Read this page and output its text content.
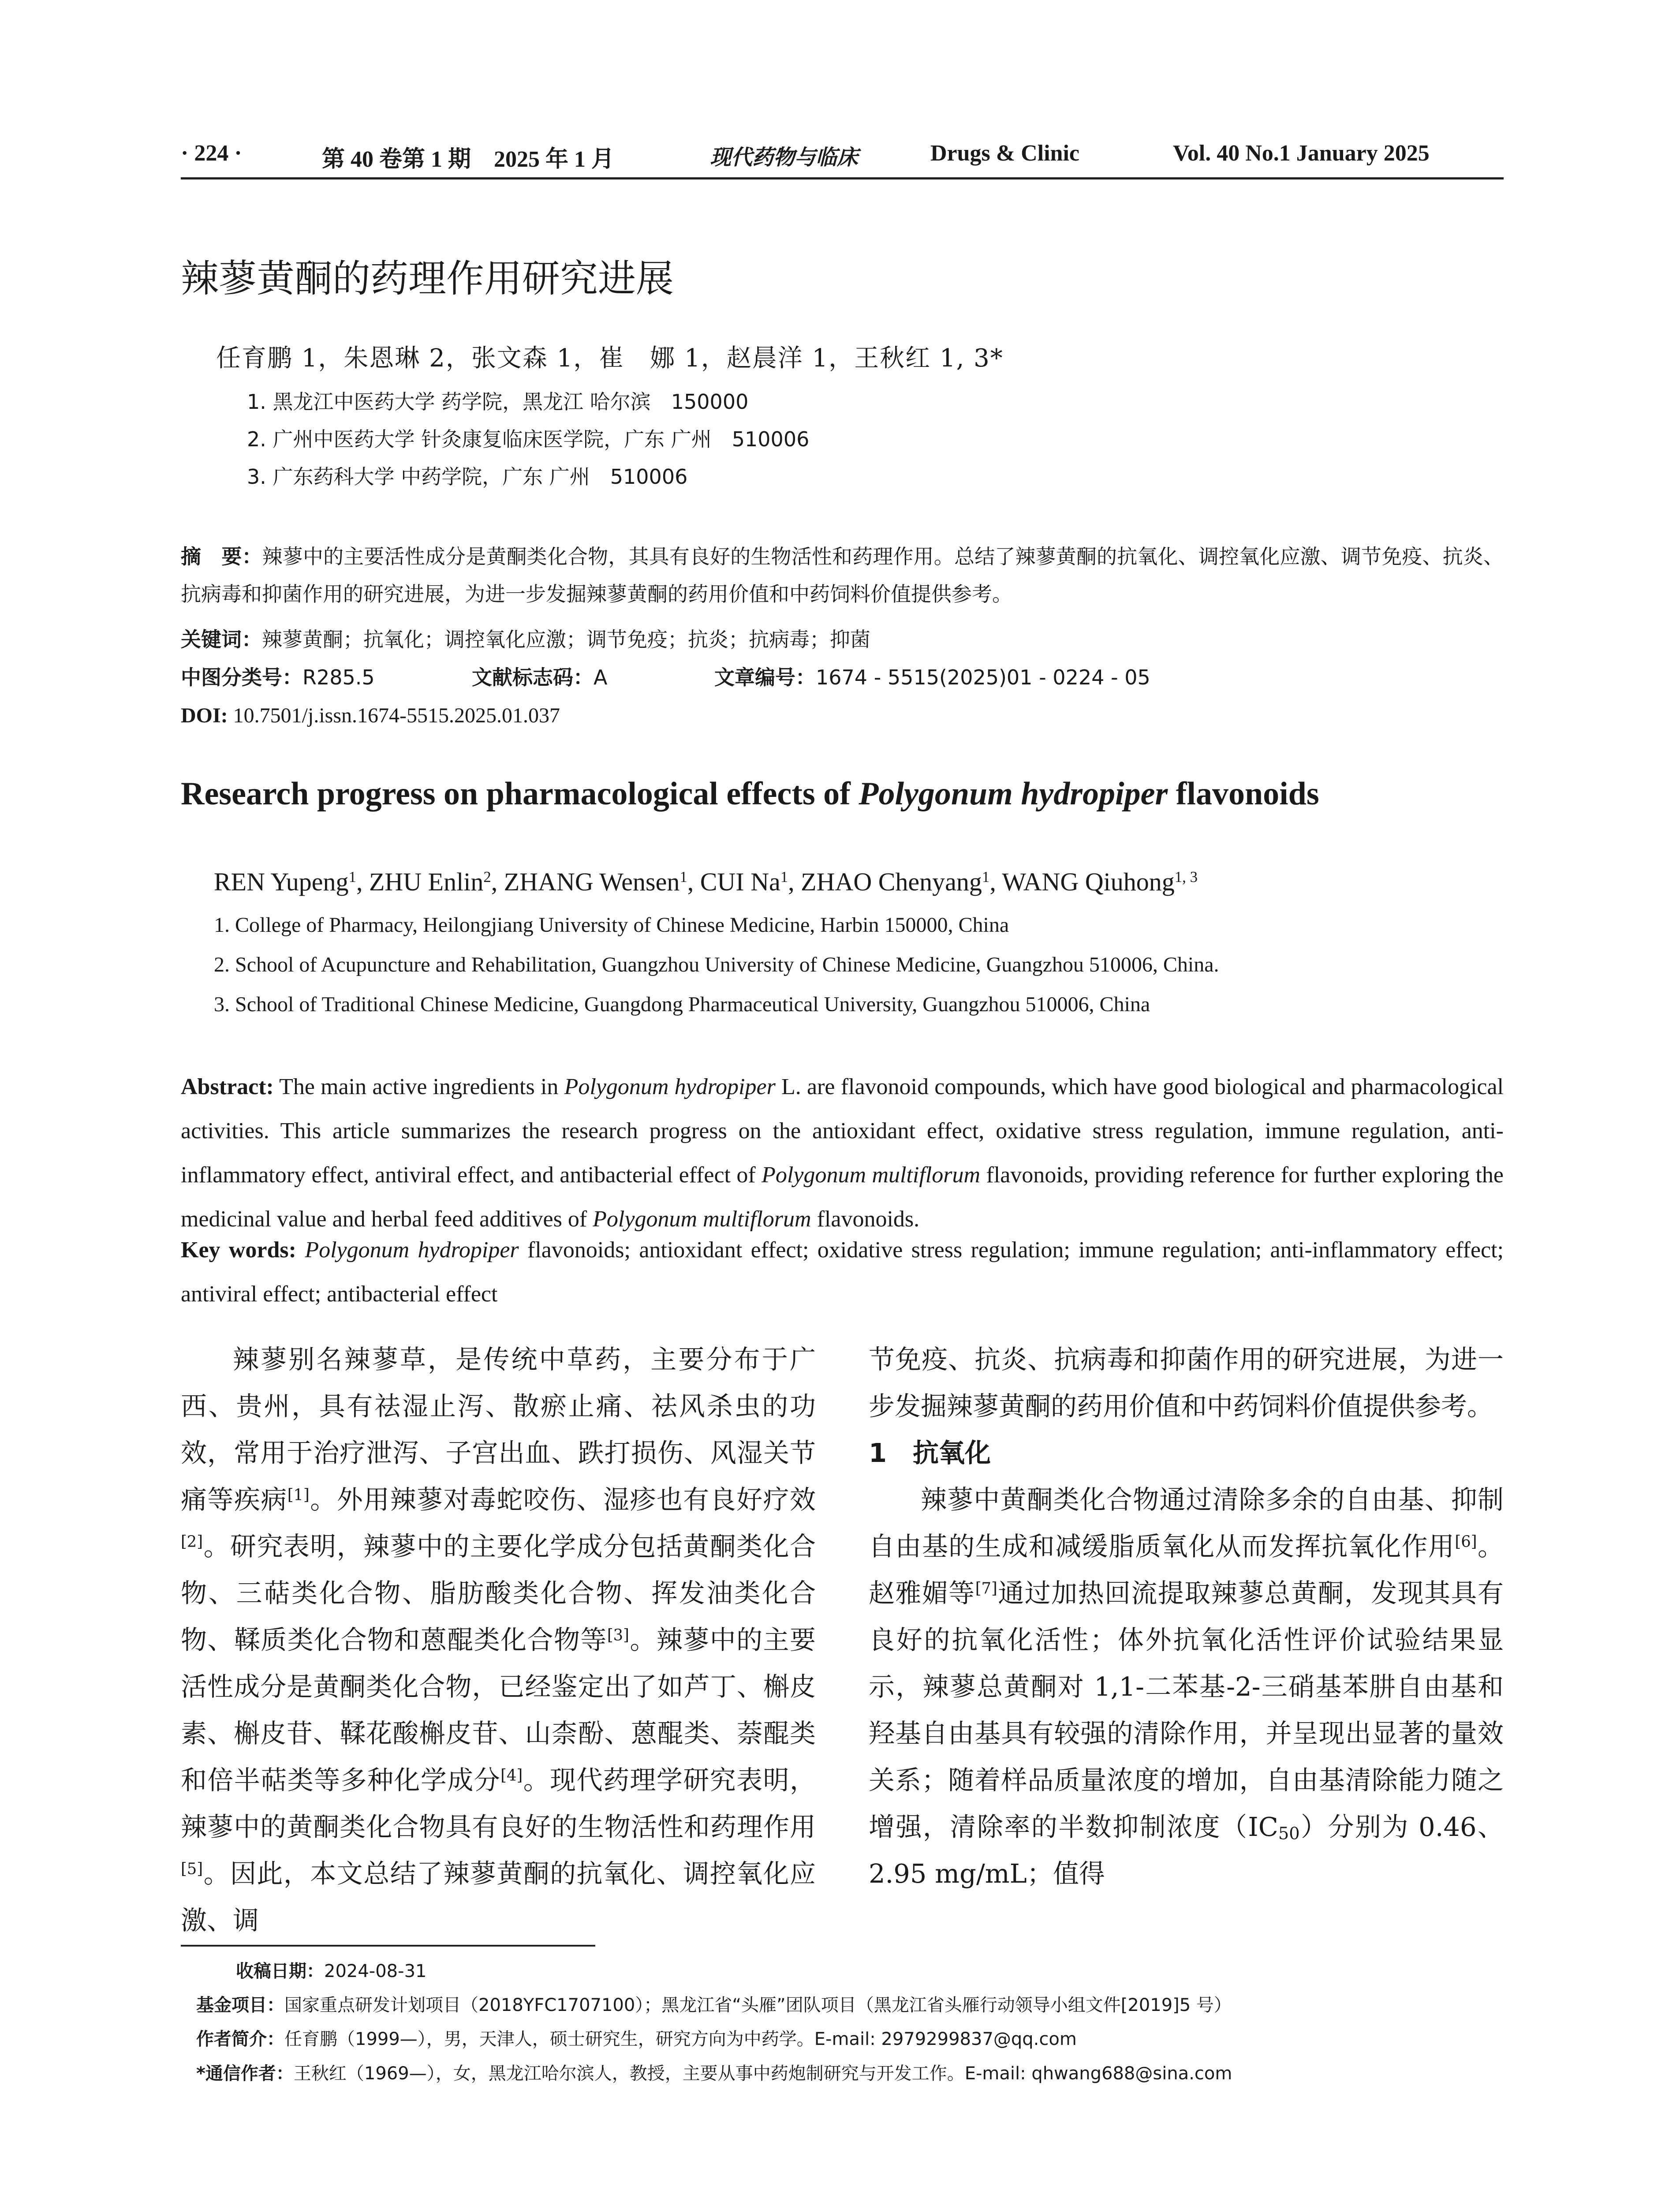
· 224 ·	第 40 卷第 1 期　2025 年 1 月	现代药物与临床	Drugs & Clinic	Vol. 40 No.1 January 2025
辣蓼黄酮的药理作用研究进展
任育鹏 1，朱恩琳 2，张文森 1，崔　娜 1，赵晨洋 1，王秋红 1, 3*
1. 黑龙江中医药大学 药学院，黑龙江 哈尔滨　150000
2. 广州中医药大学 针灸康复临床医学院，广东 广州　510006
3. 广东药科大学 中药学院，广东 广州　510006
摘　要：辣蓼中的主要活性成分是黄酮类化合物，其具有良好的生物活性和药理作用。总结了辣蓼黄酮的抗氧化、调控氧化应激、调节免疫、抗炎、抗病毒和抑菌作用的研究进展，为进一步发掘辣蓼黄酮的药用价值和中药饲料价值提供参考。
关键词：辣蓼黄酮；抗氧化；调控氧化应激；调节免疫；抗炎；抗病毒；抑菌
中图分类号：R285.5	文献标志码：A	文章编号：1674 - 5515(2025)01 - 0224 - 05
DOI: 10.7501/j.issn.1674-5515.2025.01.037
Research progress on pharmacological effects of Polygonum hydropiper flavonoids
REN Yupeng$^1$, ZHU Enlin$^2$, ZHANG Wensen$^1$, CUI Na$^1$, ZHAO Chenyang$^1$, WANG Qiuhong$^{1, 3}$
1. College of Pharmacy, Heilongjiang University of Chinese Medicine, Harbin 150000, China
2. School of Acupuncture and Rehabilitation, Guangzhou University of Chinese Medicine, Guangzhou 510006, China.
3. School of Traditional Chinese Medicine, Guangdong Pharmaceutical University, Guangzhou 510006, China
Abstract: The main active ingredients in Polygonum hydropiper L. are flavonoid compounds, which have good biological and pharmacological activities. This article summarizes the research progress on the antioxidant effect, oxidative stress regulation, immune regulation, anti-inflammatory effect, antiviral effect, and antibacterial effect of Polygonum multiflorum flavonoids, providing reference for further exploring the medicinal value and herbal feed additives of Polygonum multiflorum flavonoids.
Key words: Polygonum hydropiper flavonoids; antioxidant effect; oxidative stress regulation; immune regulation; anti-inflammatory effect; antiviral effect; antibacterial effect
辣蓼别名辣蓼草，是传统中草药，主要分布于广西、贵州，具有祛湿止泻、散瘀止痛、祛风杀虫的功效，常用于治疗泄泻、子宫出血、跌打损伤、风湿关节痛等疾病[1]。外用辣蓼对毒蛇咬伤、湿疹也有良好疗效[2]。研究表明，辣蓼中的主要化学成分包括黄酮类化合物、三萜类化合物、脂肪酸类化合物、挥发油类化合物、鞣质类化合物和蒽醌类化合物等[3]。辣蓼中的主要活性成分是黄酮类化合物，已经鉴定出了如芦丁、槲皮素、槲皮苷、鞣花酸槲皮苷、山柰酚、蒽醌类、萘醌类和倍半萜类等多种化学成分[4]。现代药理学研究表明，辣蓼中的黄酮类化合物具有良好的生物活性和药理作用[5]。因此，本文总结了辣蓼黄酮的抗氧化、调控氧化应激、调
节免疫、抗炎、抗病毒和抑菌作用的研究进展，为进一步发掘辣蓼黄酮的药用价值和中药饲料价值提供参考。
1　抗氧化
辣蓼中黄酮类化合物通过清除多余的自由基、抑制自由基的生成和减缓脂质氧化从而发挥抗氧化作用[6]。赵雅媚等[7]通过加热回流提取辣蓼总黄酮，发现其具有良好的抗氧化活性；体外抗氧化活性评价试验结果显示，辣蓼总黄酮对 1,1-二苯基-2-三硝基苯肼自由基和羟基自由基具有较强的清除作用，并呈现出显著的量效关系；随着样品质量浓度的增加，自由基清除能力随之增强，清除率的半数抑制浓度$(IC_{50})$分别为 0.46、2.95 mg/mL；值得
收稿日期：2024-08-31
基金项目：国家重点研发计划项目（2018YFC1707100）；黑龙江省“头雁”团队项目（黑龙江省头雁行动领导小组文件[2019]5 号）
作者简介：任育鹏（1999—），男，天津人，硕士研究生，研究方向为中药学。E-mail: 2979299837@qq.com
*通信作者：王秋红（1969—），女，黑龙江哈尔滨人，教授，主要从事中药炮制研究与开发工作。E-mail: qhwang688@sina.com
